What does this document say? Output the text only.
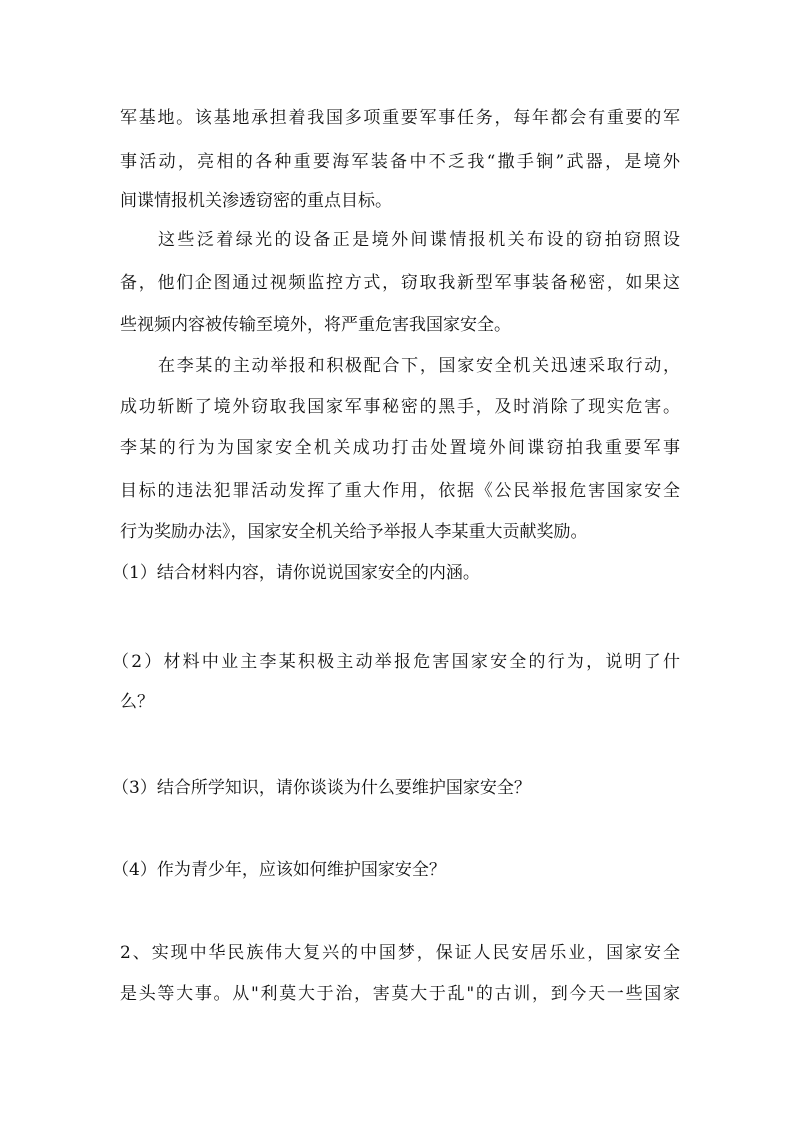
军基地。该基地承担着我国多项重要军事任务，每年都会有重要的军
事活动，亮相的各种重要海军装备中不乏我“撒手锏”武器，是境外
间谍情报机关渗透窃密的重点目标。
这些泛着绿光的设备正是境外间谍情报机关布设的窃拍窃照设
备，他们企图通过视频监控方式，窃取我新型军事装备秘密，如果这
些视频内容被传输至境外，将严重危害我国家安全。
在李某的主动举报和积极配合下，国家安全机关迅速采取行动，
成功斩断了境外窃取我国家军事秘密的黑手，及时消除了现实危害。
李某的行为为国家安全机关成功打击处置境外间谍窃拍我重要军事
目标的违法犯罪活动发挥了重大作用，依据《公民举报危害国家安全
行为奖励办法》，国家安全机关给予举报人李某重大贡献奖励。
（1）结合材料内容，请你说说国家安全的内涵。
（2）材料中业主李某积极主动举报危害国家安全的行为，说明了什
么？
（3）结合所学知识，请你谈谈为什么要维护国家安全？
（4）作为青少年，应该如何维护国家安全？
2、实现中华民族伟大复兴的中国梦，保证人民安居乐业，国家安全
是头等大事。从"利莫大于治，害莫大于乱"的古训，到今天一些国家
